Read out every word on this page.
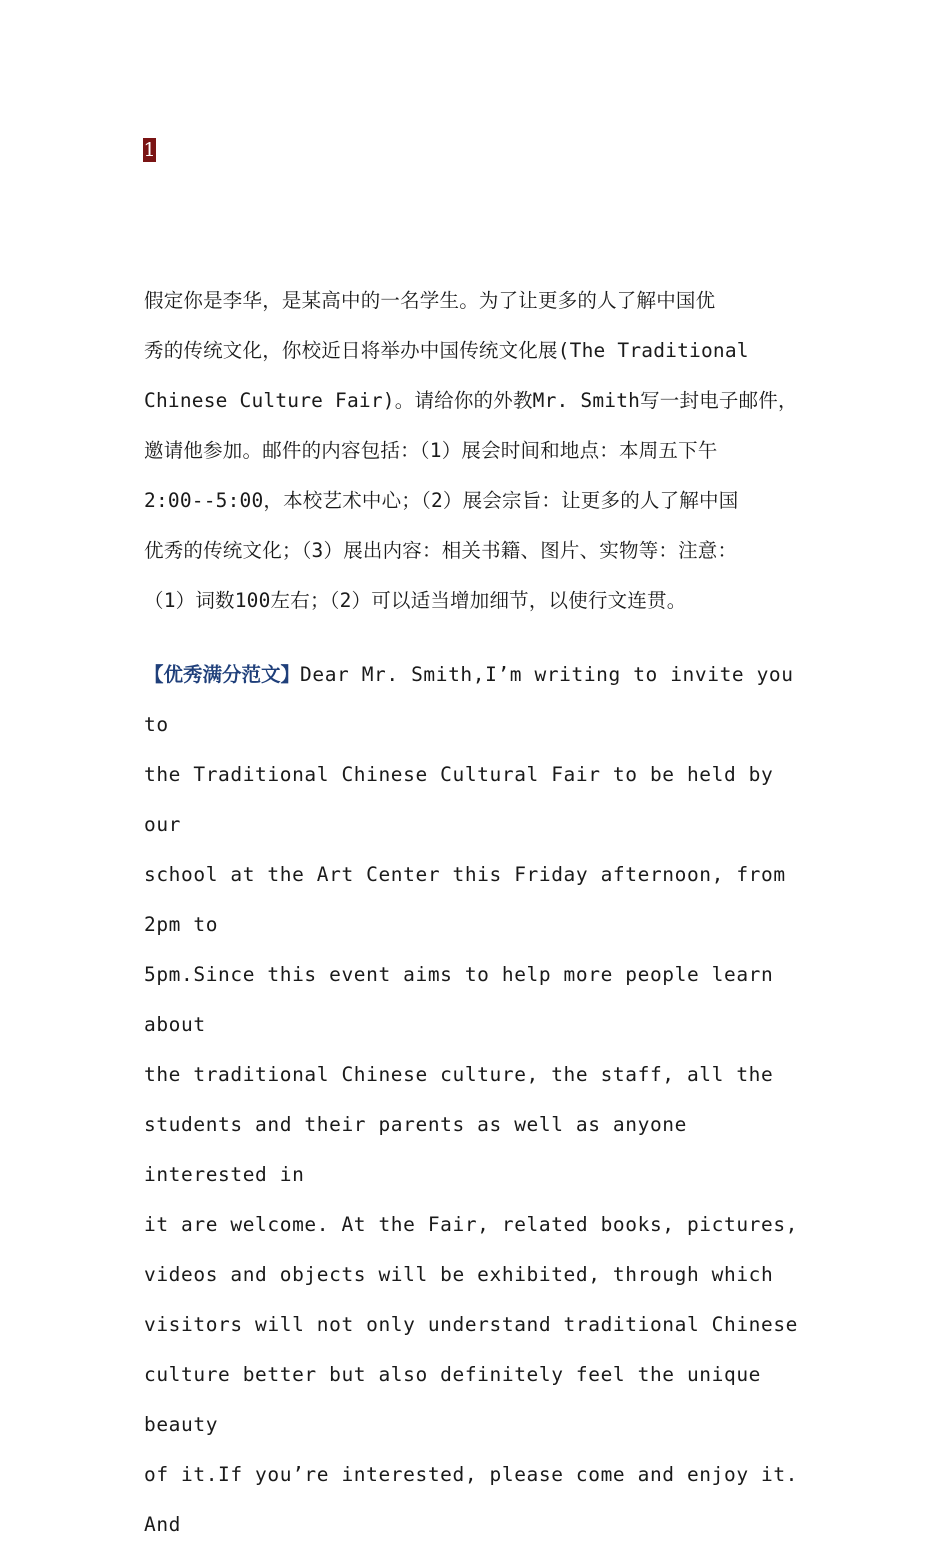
1
假定你是李华，是某高中的一名学生。为了让更多的人了解中国优
秀的传统文化，你校近日将举办中国传统文化展(The Traditional
Chinese Culture Fair)。请给你的外教Mr. Smith写一封电子邮件，
邀请他参加。邮件的内容包括：（1）展会时间和地点：本周五下午
2:00--5:00，本校艺术中心；（2）展会宗旨：让更多的人了解中国
优秀的传统文化；（3）展出内容：相关书籍、图片、实物等：注意：
（1）词数100左右；（2）可以适当增加细节，以使行文连贯。
【优秀满分范文】Dear Mr. Smith,I’m writing to invite you to
the Traditional Chinese Cultural Fair to be held by our
school at the Art Center this Friday afternoon, from 2pm to
5pm.Since this event aims to help more people learn about
the traditional Chinese culture, the staff, all the
students and their parents as well as anyone interested in
it are welcome. At the Fair, related books, pictures,
videos and objects will be exhibited, through which
visitors will not only understand traditional Chinese
culture better but also definitely feel the unique beauty
of it.If you’re interested, please come and enjoy it. And
